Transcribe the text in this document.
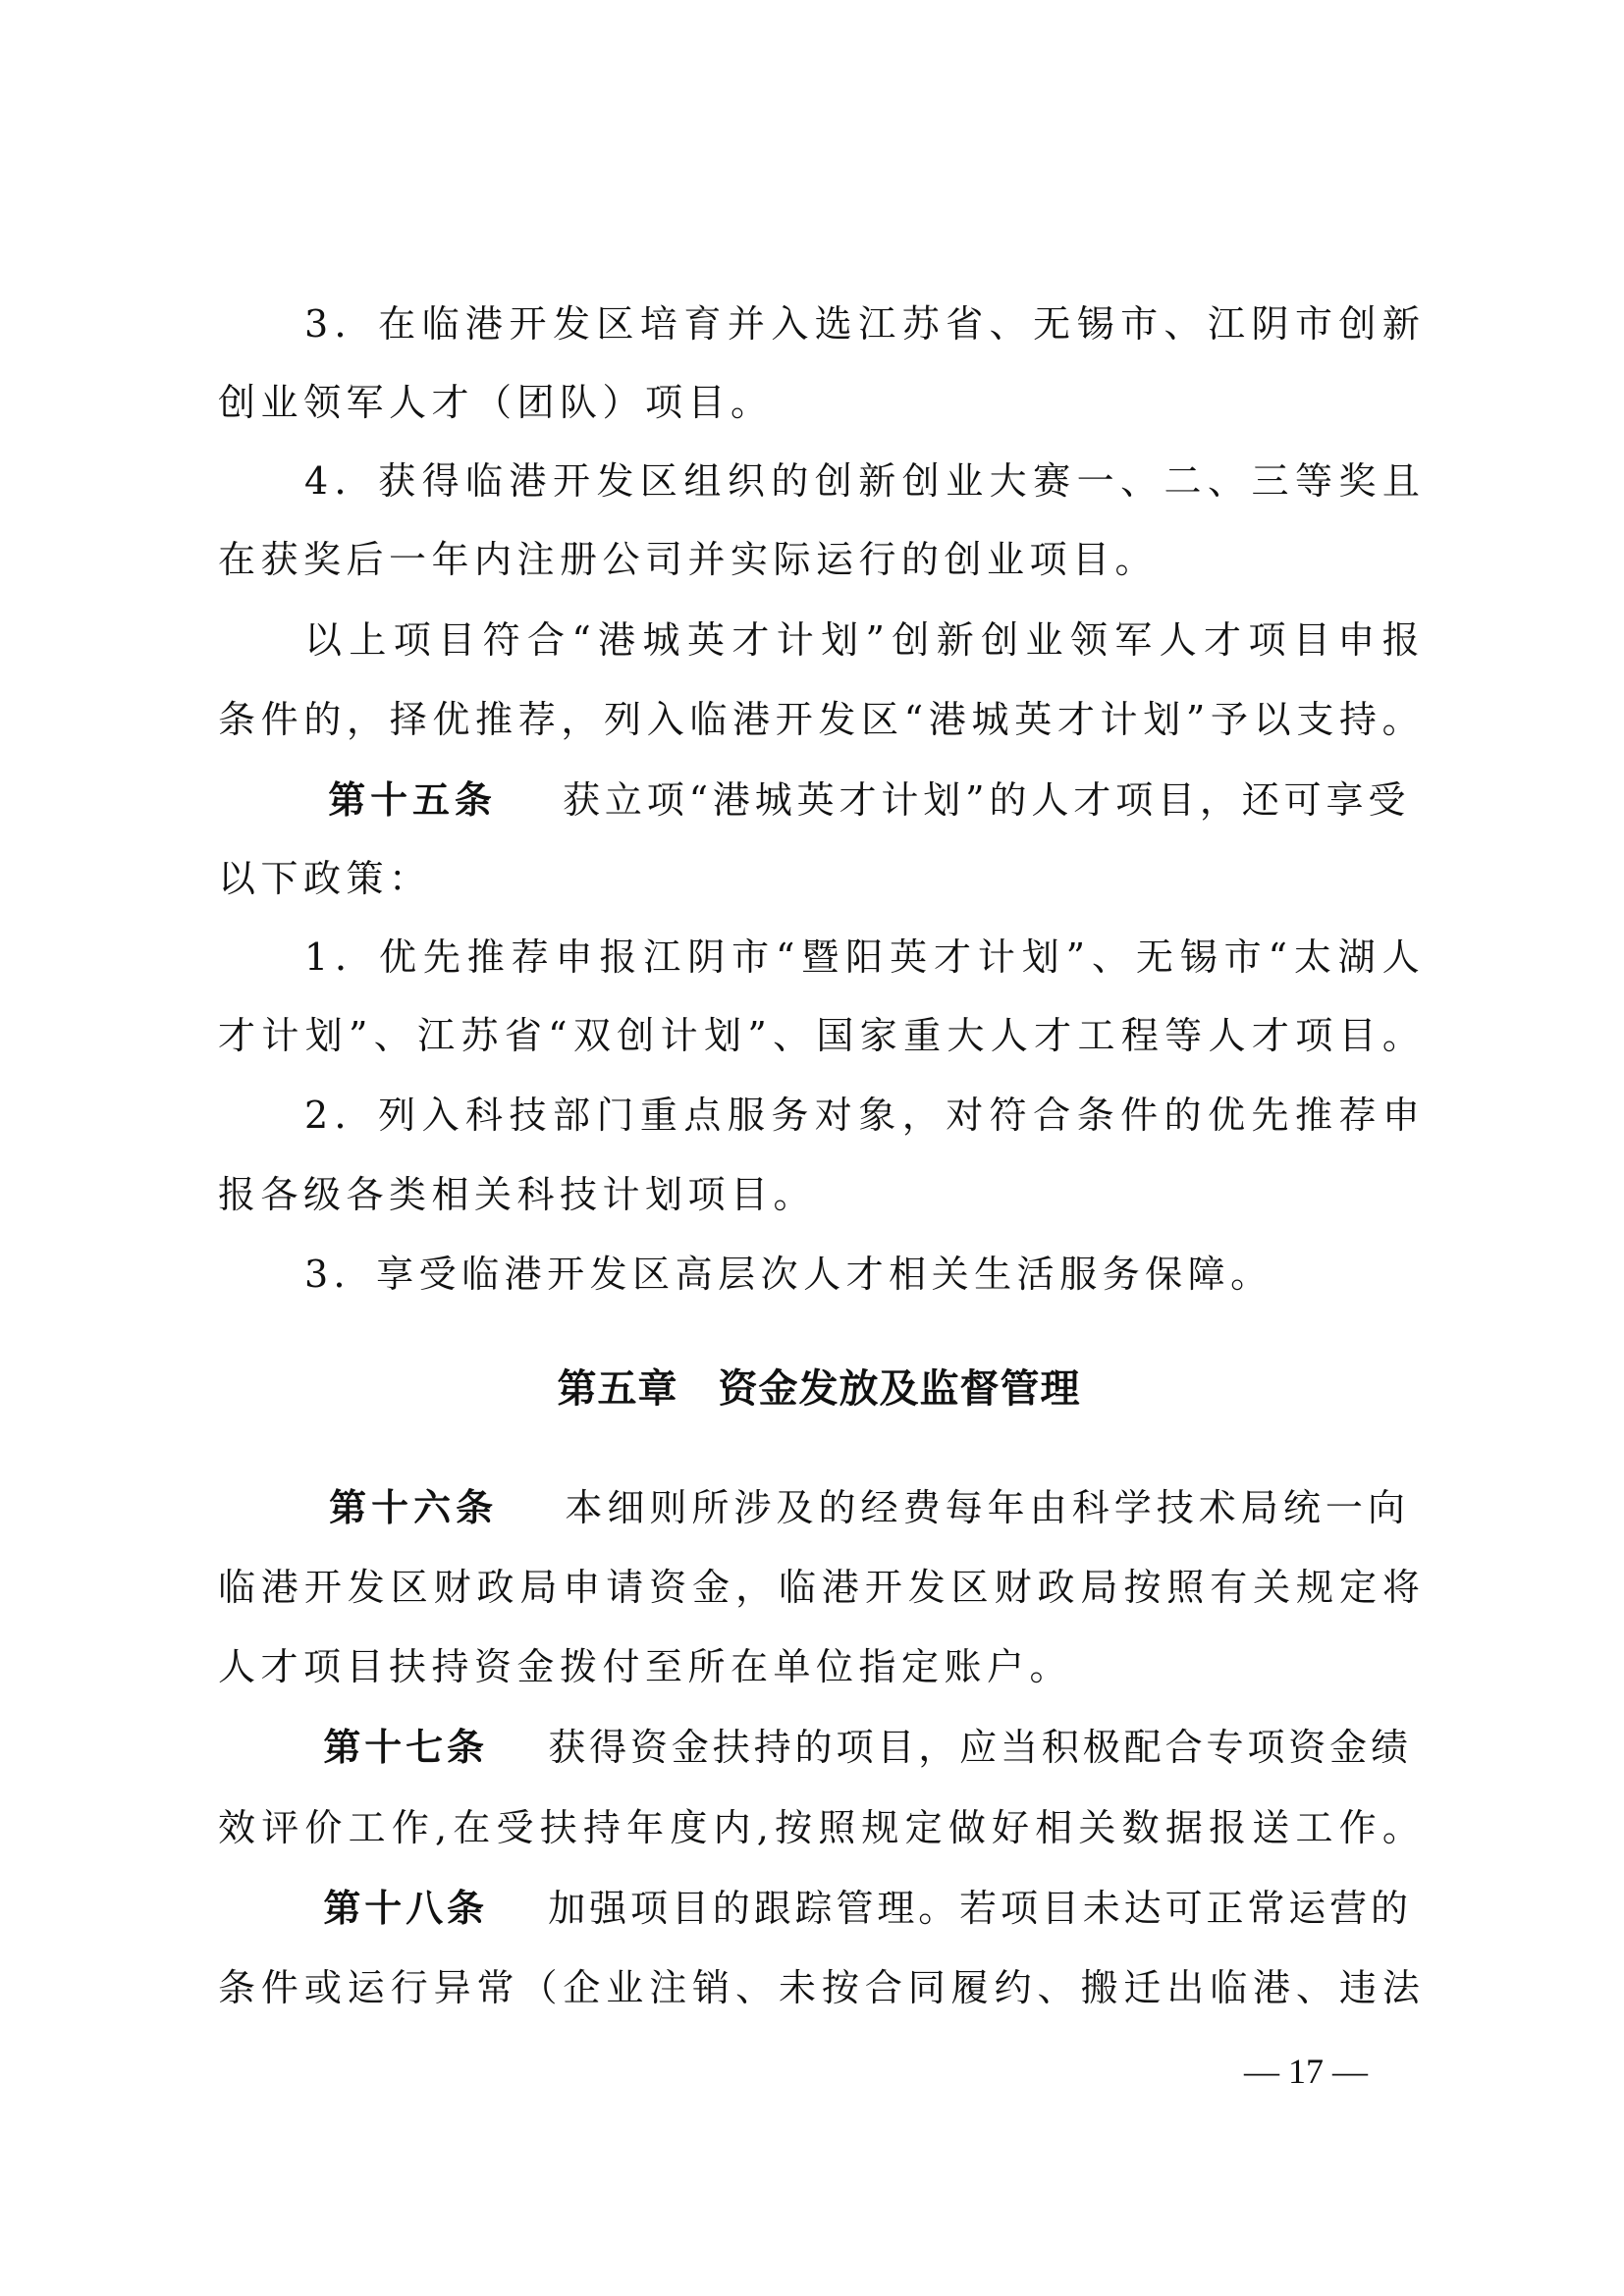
3 ． 在 临 港 开 发 区 培 育 并 入 选 江 苏 省 、 无 锡 市 、 江 阴 市 创 新
创业领军人才（团队）项目。
4 ． 获 得 临 港 开 发 区 组 织 的 创 新 创 业 大 赛 一 、 二 、 三 等 奖 且
在获奖后一年内注册公司并实际运行的创业项目。
以 上 项 目 符 合 “ 港 城 英 才 计 划 ” 创 新 创 业 领 军 人 才 项 目 申 报
条 件 的 ， 择 优 推 荐 ， 列 入 临 港 开 发 区 “ 港 城 英 才 计 划 ” 予 以 支 持 。
第 十 五 条
　 获 立 项 “ 港 城 英 才 计 划 ” 的 人 才 项 目 ， 还 可 享 受
以下政策：
1 ． 优 先 推 荐 申 报 江 阴 市 “ 暨 阳 英 才 计 划 ” 、 无 锡 市 “ 太 湖 人
才 计 划 ” 、 江 苏 省 “ 双 创 计 划 ” 、 国 家 重 大 人 才 工 程 等 人 才 项 目 。
2 ． 列 入 科 技 部 门 重 点 服 务 对 象 ， 对 符 合 条 件 的 优 先 推 荐 申
报各级各类相关科技计划项目。
3．享受临港开发区高层次人才相关生活服务保障。
第五章　资金发放及监督管理
第 十 六 条
　 本 细 则 所 涉 及 的 经 费 每 年 由 科 学 技 术 局 统 一 向
临 港 开 发 区 财 政 局 申 请 资 金 ， 临 港 开 发 区 财 政 局 按 照 有 关 规 定 将
人才项目扶持资金拨付至所在单位指定账户。
第 十 七 条
　 获 得 资 金 扶 持 的 项 目 ， 应 当 积 极 配 合 专 项 资 金 绩
效 评 价 工 作 , 在 受 扶 持 年 度 内 , 按 照 规 定 做 好 相 关 数 据 报 送 工 作 。
第 十 八 条
　 加 强 项 目 的 跟 踪 管 理 。 若 项 目 未 达 可 正 常 运 营 的
条 件 或 运 行 异 常 （ 企 业 注 销 、 未 按 合 同 履 约 、 搬 迁 出 临 港 、 违 法
— 17 —
